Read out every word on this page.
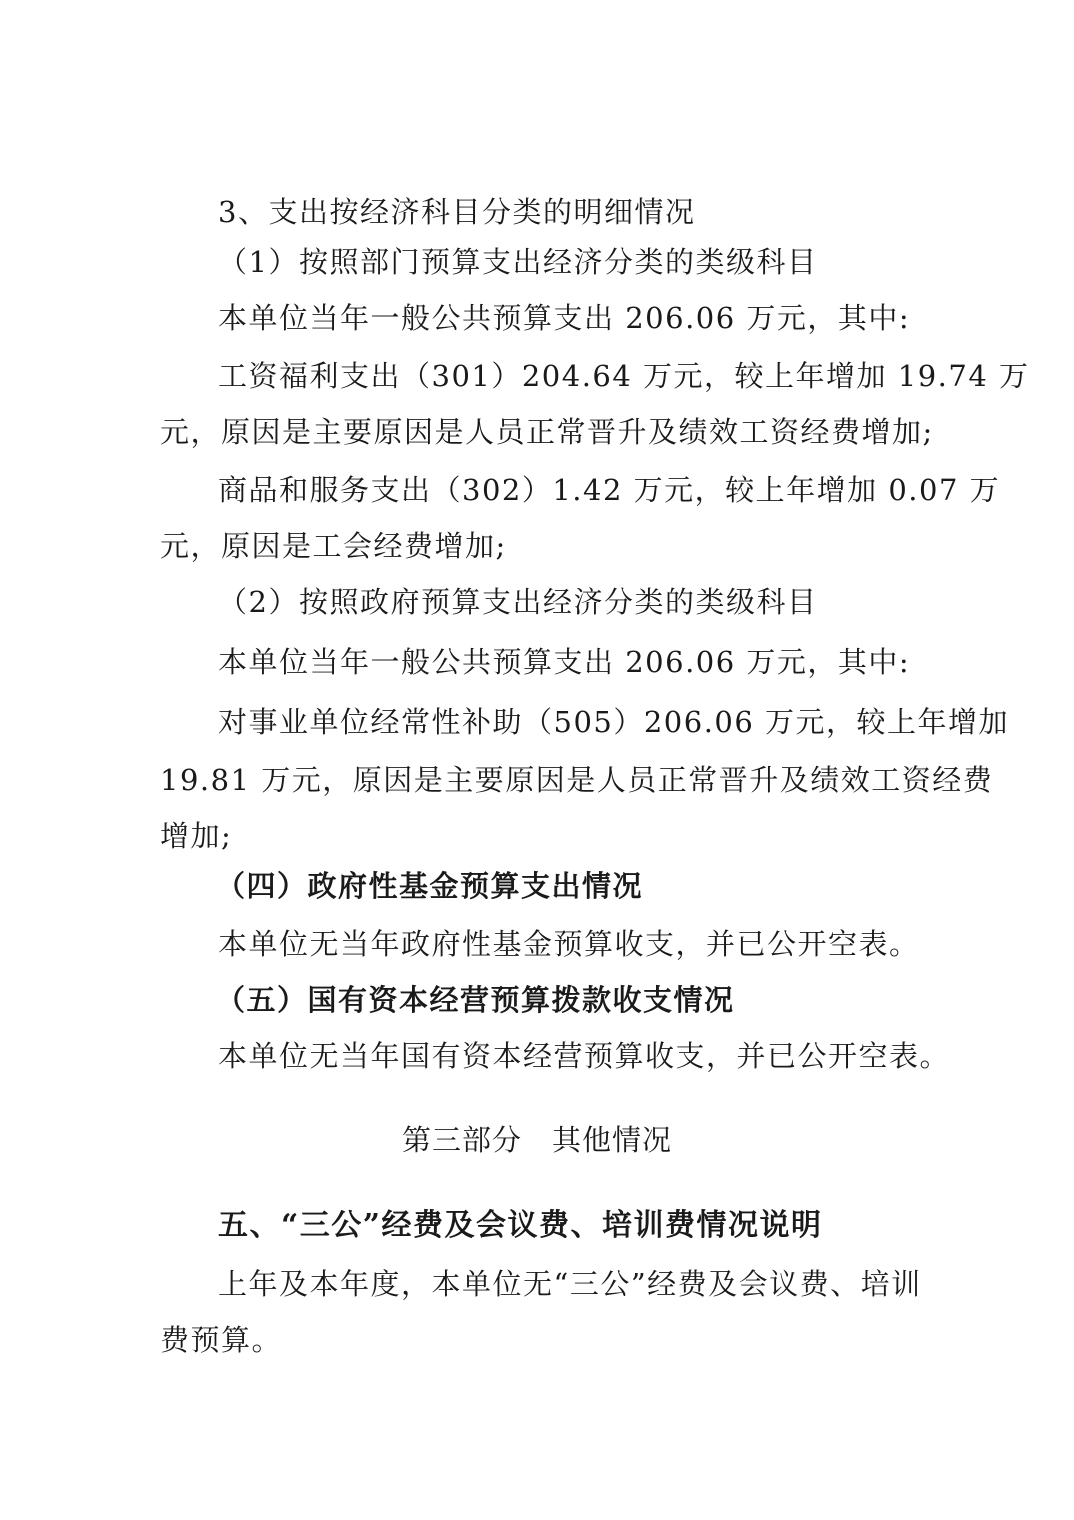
3、支出按经济科目分类的明细情况
（1）按照部门预算支出经济分类的类级科目
本单位当年一般公共预算支出 206.06 万元，其中:
工资福利支出（301）204.64 万元，较上年增加 19.74 万
元，原因是主要原因是人员正常晋升及绩效工资经费增加;
商品和服务支出（302）1.42 万元，较上年增加 0.07 万
元，原因是工会经费增加;
（2）按照政府预算支出经济分类的类级科目
本单位当年一般公共预算支出 206.06 万元，其中:
对事业单位经常性补助（505）206.06 万元，较上年增加
19.81 万元，原因是主要原因是人员正常晋升及绩效工资经费
增加;
（四）政府性基金预算支出情况
本单位无当年政府性基金预算收支，并已公开空表。
（五）国有资本经营预算拨款收支情况
本单位无当年国有资本经营预算收支，并已公开空表。
第三部分　其他情况
五、“三公”经费及会议费、培训费情况说明
上年及本年度，本单位无“三公”经费及会议费、培训
费预算。
